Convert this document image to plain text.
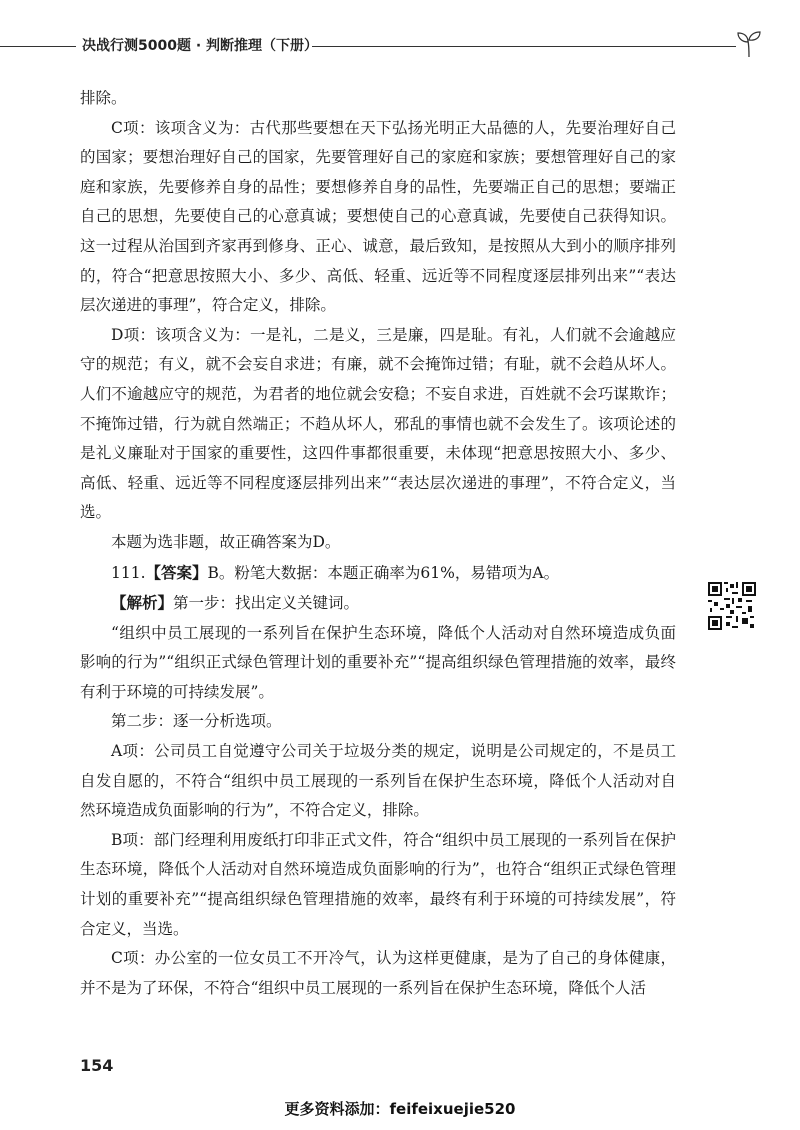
决战行测5000题 · 判断推理（下册）

排除。

C项：该项含义为：古代那些要想在天下弘扬光明正大品德的人，先要治理好自己的国家；要想治理好自己的国家，先要管理好自己的家庭和家族；要想管理好自己的家庭和家族，先要修养自身的品性；要想修养自身的品性，先要端正自己的思想；要端正自己的思想，先要使自己的心意真诚；要想使自己的心意真诚，先要使自己获得知识。这一过程从治国到齐家再到修身、正心、诚意，最后致知，是按照从大到小的顺序排列的，符合“把意思按照大小、多少、高低、轻重、远近等不同程度逐层排列出来”“表达层次递进的事理”，符合定义，排除。

D项：该项含义为：一是礼，二是义，三是廉，四是耻。有礼，人们就不会逾越应守的规范；有义，就不会妄自求进；有廉，就不会掩饰过错；有耻，就不会趋从坏人。人们不逾越应守的规范，为君者的地位就会安稳；不妄自求进，百姓就不会巧谋欺诈；不掩饰过错，行为就自然端正；不趋从坏人，邪乱的事情也就不会发生了。该项论述的是礼义廉耻对于国家的重要性，这四件事都很重要，未体现“把意思按照大小、多少、高低、轻重、远近等不同程度逐层排列出来”“表达层次递进的事理”，不符合定义，当选。

本题为选非题，故正确答案为D。

111.【答案】B。粉笔大数据：本题正确率为61%，易错项为A。

【解析】第一步：找出定义关键词。

“组织中员工展现的一系列旨在保护生态环境，降低个人活动对自然环境造成负面影响的行为”“组织正式绿色管理计划的重要补充”“提高组织绿色管理措施的效率，最终有利于环境的可持续发展”。

第二步：逐一分析选项。

A项：公司员工自觉遵守公司关于垃圾分类的规定，说明是公司规定的，不是员工自发自愿的，不符合“组织中员工展现的一系列旨在保护生态环境，降低个人活动对自然环境造成负面影响的行为”，不符合定义，排除。

B项：部门经理利用废纸打印非正式文件，符合“组织中员工展现的一系列旨在保护生态环境，降低个人活动对自然环境造成负面影响的行为”，也符合“组织正式绿色管理计划的重要补充”“提高组织绿色管理措施的效率，最终有利于环境的可持续发展”，符合定义，当选。

C项：办公室的一位女员工不开冷气，认为这样更健康，是为了自己的身体健康，并不是为了环保，不符合“组织中员工展现的一系列旨在保护生态环境，降低个人活

154
更多资料添加：feifeixuejie520
